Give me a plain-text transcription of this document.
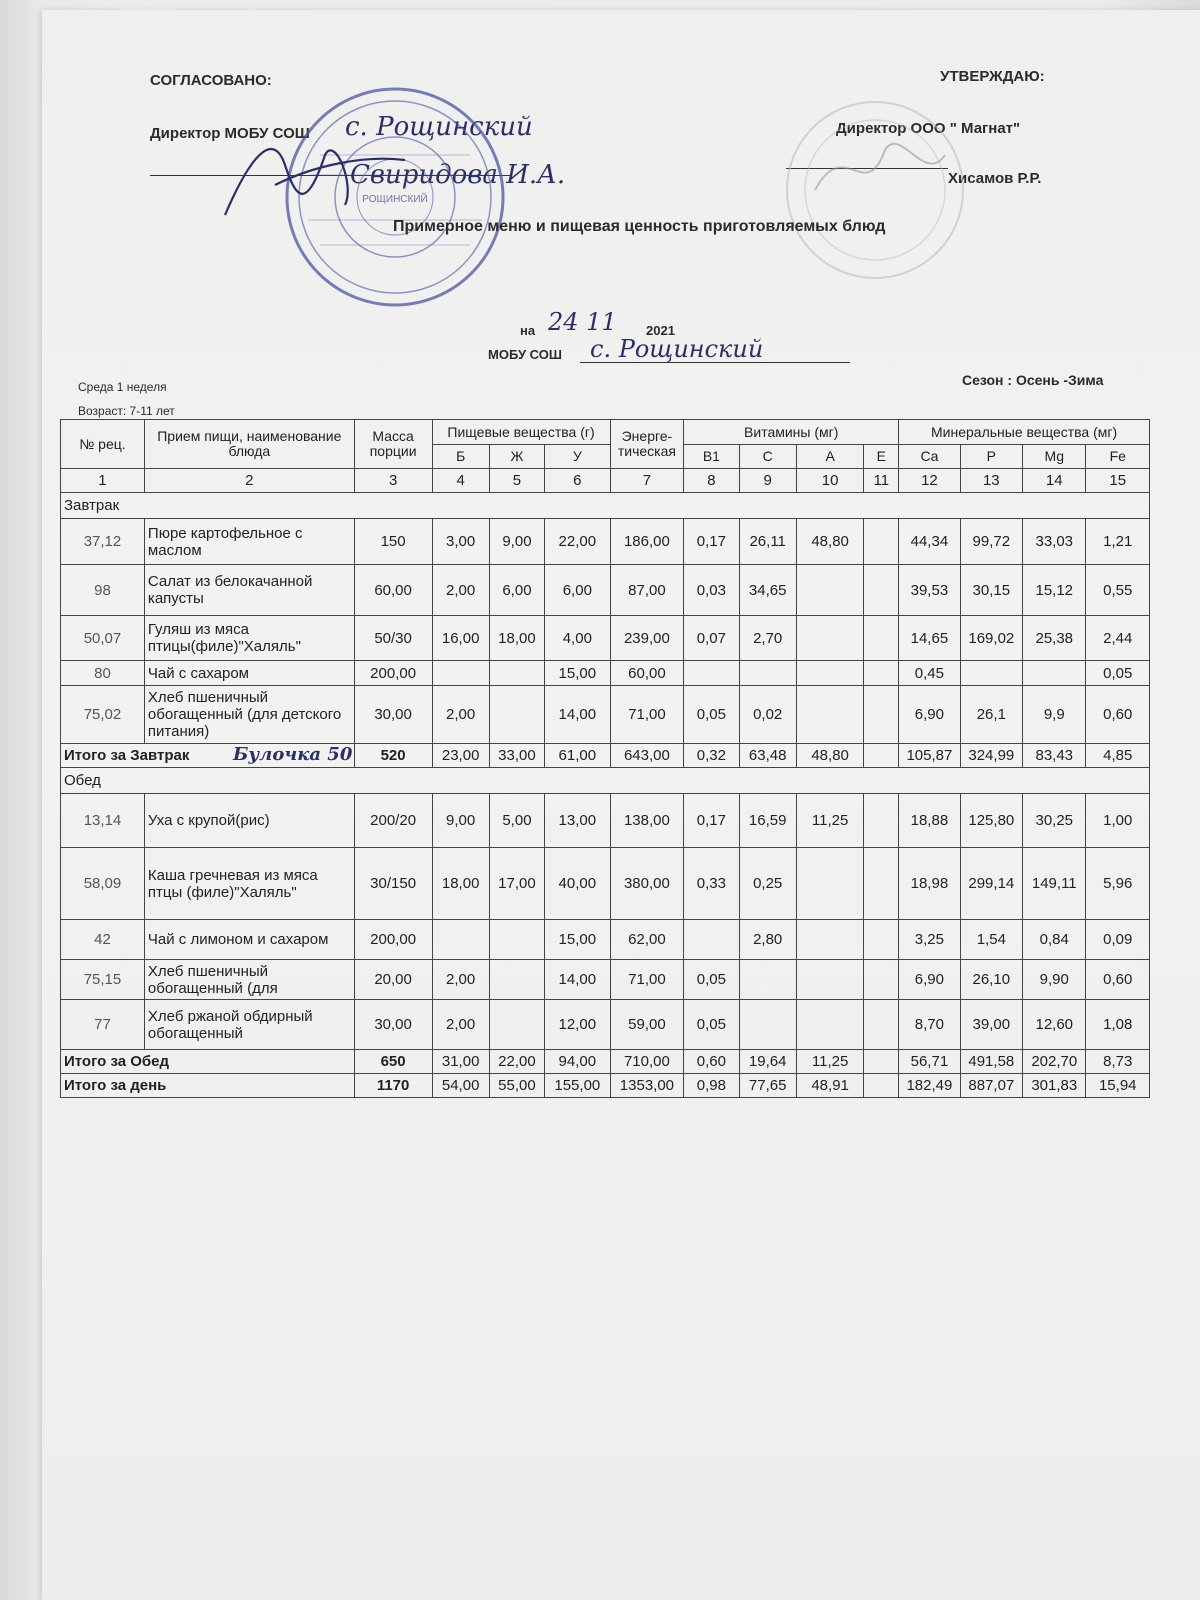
СОГЛАСОВАНО:	УТВЕРЖДАЮ:
Директор МОБУ СОШ	Директор ООО " Магнат"
Хисамов Р.Р.
с. Рощинский
Свиридова И.А.
РОЩИНСКИЙ
Примерное меню и пищевая ценность приготовляемых блюд
на 24 11 2021
МОБУ СОШ с. Рощинский
Среда 1 неделя
Возраст: 7-11 лет
Сезон : Осень -Зима
№ рец.	Прием пищи, наименование блюда	Масса порции	Пищевые вещества (г)			Энерге-тическая	Витамины (мг)				Минеральные вещества (мг)			
			Б	Ж	У		В1	С	А	Е	Ca	P	Mg	Fe
1	2	3	4	5	6	7	8	9	10	11	12	13	14	15
Завтрак														
37,12	Пюре картофельное с маслом	150	3,00	9,00	22,00	186,00	0,17	26,11	48,80		44,34	99,72	33,03	1,21
98	Салат из белокачанной капусты	60,00	2,00	6,00	6,00	87,00	0,03	34,65			39,53	30,15	15,12	0,55
50,07	Гуляш из мяса птицы(филе)"Халяль"	50/30	16,00	18,00	4,00	239,00	0,07	2,70			14,65	169,02	25,38	2,44
80	Чай с сахаром	200,00			15,00	60,00					0,45			0,05
75,02	Хлеб пшеничный обогащенный (для детского питания)	30,00	2,00		14,00	71,00	0,05	0,02			6,90	26,1	9,9	0,60
Итого за Завтрак Булочка 50		520	23,00	33,00	61,00	643,00	0,32	63,48	48,80		105,87	324,99	83,43	4,85
Обед														
13,14	Уха с крупой(рис)	200/20	9,00	5,00	13,00	138,00	0,17	16,59	11,25		18,88	125,80	30,25	1,00
58,09	Каша гречневая из мяса птцы (филе)"Халяль"	30/150	18,00	17,00	40,00	380,00	0,33	0,25			18,98	299,14	149,11	5,96
42	Чай с лимоном и сахаром	200,00			15,00	62,00		2,80			3,25	1,54	0,84	0,09
75,15	Хлеб пшеничный обогащенный (для	20,00	2,00		14,00	71,00	0,05				6,90	26,10	9,90	0,60
77	Хлеб ржаной обдирный обогащенный	30,00	2,00		12,00	59,00	0,05				8,70	39,00	12,60	1,08
Итого за Обед		650	31,00	22,00	94,00	710,00	0,60	19,64	11,25		56,71	491,58	202,70	8,73
Итого за день		1170	54,00	55,00	155,00	1353,00	0,98	77,65	48,91		182,49	887,07	301,83	15,94
